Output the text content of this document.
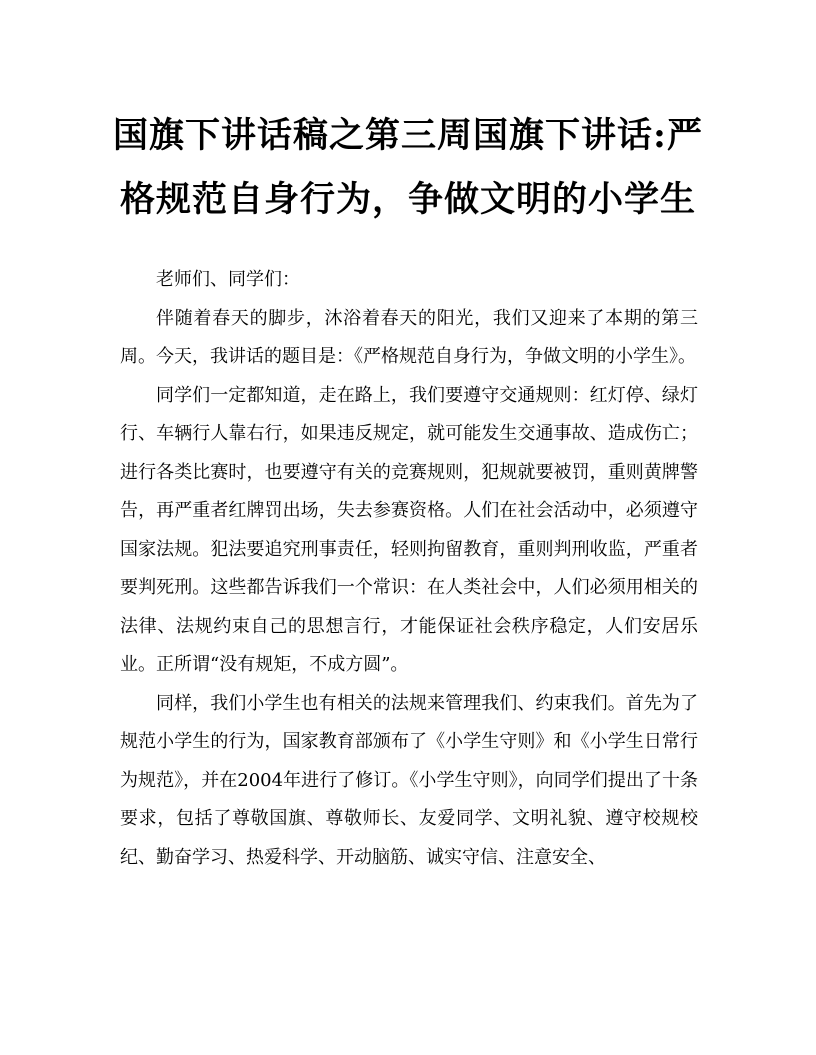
国旗下讲话稿之第三周国旗下讲话:严格规范自身行为，争做文明的小学生

老师们、同学们：

伴随着春天的脚步，沐浴着春天的阳光，我们又迎来了本期的第三周。今天，我讲话的题目是：《严格规范自身行为，争做文明的小学生》。

同学们一定都知道，走在路上，我们要遵守交通规则：红灯停、绿灯行、车辆行人靠右行，如果违反规定，就可能发生交通事故、造成伤亡；进行各类比赛时，也要遵守有关的竞赛规则，犯规就要被罚，重则黄牌警告，再严重者红牌罚出场，失去参赛资格。人们在社会活动中，必须遵守国家法规。犯法要追究刑事责任，轻则拘留教育，重则判刑收监，严重者要判死刑。这些都告诉我们一个常识：在人类社会中，人们必须用相关的法律、法规约束自己的思想言行，才能保证社会秩序稳定，人们安居乐业。正所谓“没有规矩，不成方圆”。

同样，我们小学生也有相关的法规来管理我们、约束我们。首先为了规范小学生的行为，国家教育部颁布了《小学生守则》和《小学生日常行为规范》，并在2004年进行了修订。《小学生守则》，向同学们提出了十条要求，包括了尊敬国旗、尊敬师长、友爱同学、文明礼貌、遵守校规校纪、勤奋学习、热爱科学、开动脑筋、诚实守信、注意安全、
